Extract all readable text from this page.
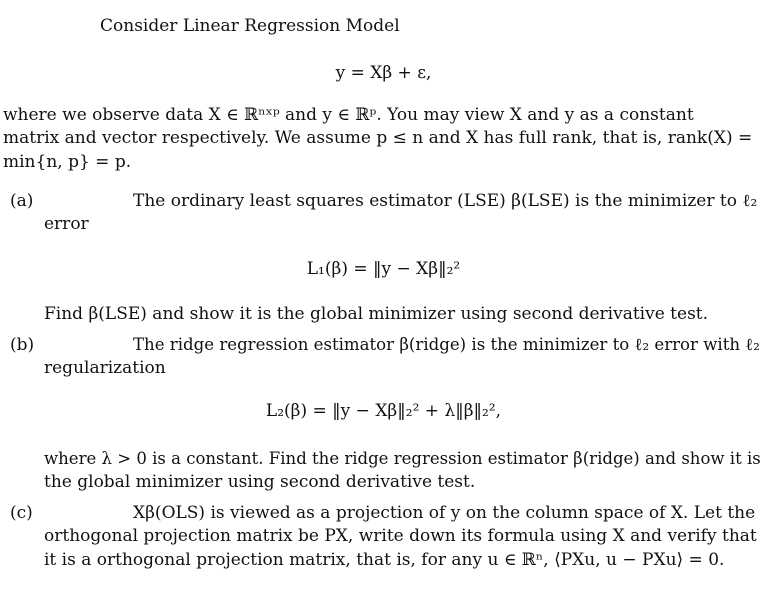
Consider Linear Regression Model
y = Xβ + ε,
where we observe data X ∈ ℝⁿˣᵖ and y ∈ ℝᵖ. You may view X and y as a constant
matrix and vector respectively. We assume p ≤ n and X has full rank, that is, rank(X) =
min{n, p} = p.
(a)	The ordinary least squares estimator (LSE) β(LSE) is the minimizer to ℓ₂
error
L₁(β) = ‖y − Xβ‖₂²
Find β(LSE) and show it is the global minimizer using second derivative test.
(b)	The ridge regression estimator β(ridge) is the minimizer to ℓ₂ error with ℓ₂
regularization
L₂(β) = ‖y − Xβ‖₂² + λ‖β‖₂²,
where λ > 0 is a constant. Find the ridge regression estimator β(ridge) and show it is
the global minimizer using second derivative test.
(c)	Xβ(OLS) is viewed as a projection of y on the column space of X. Let the
orthogonal projection matrix be PX, write down its formula using X and verify that
it is a orthogonal projection matrix, that is, for any u ∈ ℝⁿ, ⟨PXu, u − PXu⟩ = 0.
